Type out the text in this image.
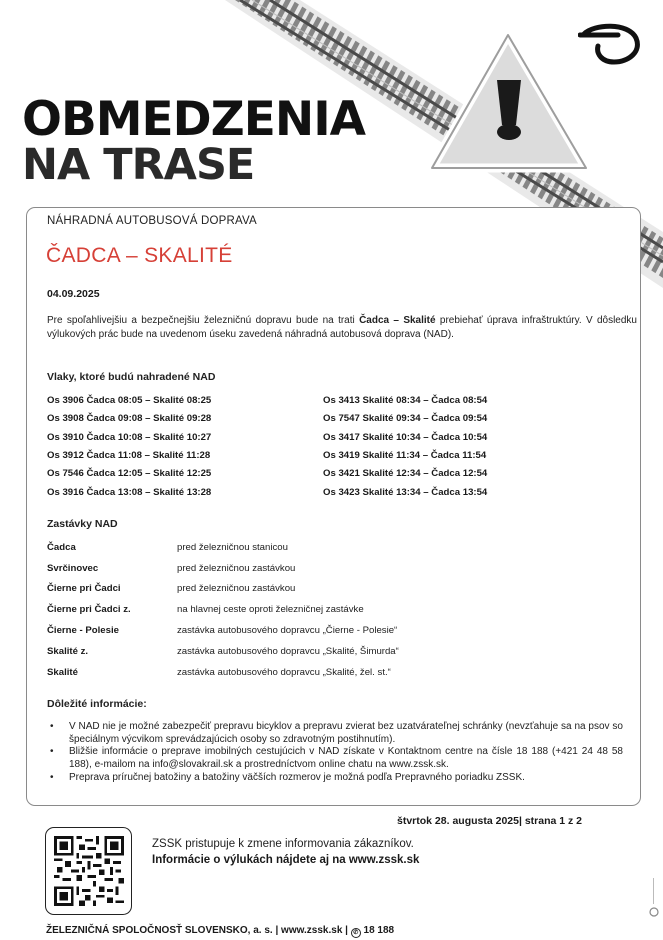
OBMEDZENIA
NA TRASE
NÁHRADNÁ AUTOBUSOVÁ DOPRAVA
ČADCA – SKALITÉ
04.09.2025

Pre spoľahlivejšiu a bezpečnejšiu železničnú dopravu bude na trati Čadca – Skalité prebiehať úprava infraštruktúry. V dôsledku výlukových prác bude na uvedenom úseku zavedená náhradná autobusová doprava (NAD).

Vlaky, ktoré budú nahradené NAD
Os 3906 Čadca 08:05 – Skalité 08:25
Os 3908 Čadca 09:08 – Skalité 09:28
Os 3910 Čadca 10:08 – Skalité 10:27
Os 3912 Čadca 11:08 – Skalité 11:28
Os 7546 Čadca 12:05 – Skalité 12:25
Os 3916 Čadca 13:08 – Skalité 13:28
Os 3413 Skalité 08:34 – Čadca 08:54
Os 7547 Skalité 09:34 – Čadca 09:54
Os 3417 Skalité 10:34 – Čadca 10:54
Os 3419 Skalité 11:34 – Čadca 11:54
Os 3421 Skalité 12:34 – Čadca 12:54
Os 3423 Skalité 13:34 – Čadca 13:54
Zastávky NAD
Čadca	pred železničnou stanicou
Svrčinovec	pred železničnou zastávkou
Čierne pri Čadci	pred železničnou zastávkou
Čierne pri Čadci z.	na hlavnej ceste oproti železničnej zastávke
Čierne - Polesie	zastávka autobusového dopravcu „Čierne - Polesie“
Skalité z.	zastávka autobusového dopravcu „Skalité, Šimurda“
Skalité	zastávka autobusového dopravcu „Skalité, žel. st.“
Dôležité informácie:
• V NAD nie je možné zabezpečiť prepravu bicyklov a prepravu zvierat bez uzatvárateľnej schránky (nevzťahuje sa na psov so špeciálnym výcvikom sprevádzajúcich osoby so zdravotným postihnutím).
• Bližšie informácie o preprave imobilných cestujúcich v NAD získate v Kontaktnom centre na čísle 18 188 (+421 24 48 58 188), e-mailom na info@slovakrail.sk a prostredníctvom online chatu na www.zssk.sk.
• Preprava príručnej batožiny a batožiny väčších rozmerov je možná podľa Prepravného poriadku ZSSK.
štvrtok 28. augusta 2025| strana 1 z 2
ZSSK pristupuje k zmene informovania zákazníkov.
Informácie o výlukách nájdete aj na www.zssk.sk
ŽELEZNIČNÁ SPOLOČNOSŤ SLOVENSKO, a. s. | www.zssk.sk | ✆ 18 188
